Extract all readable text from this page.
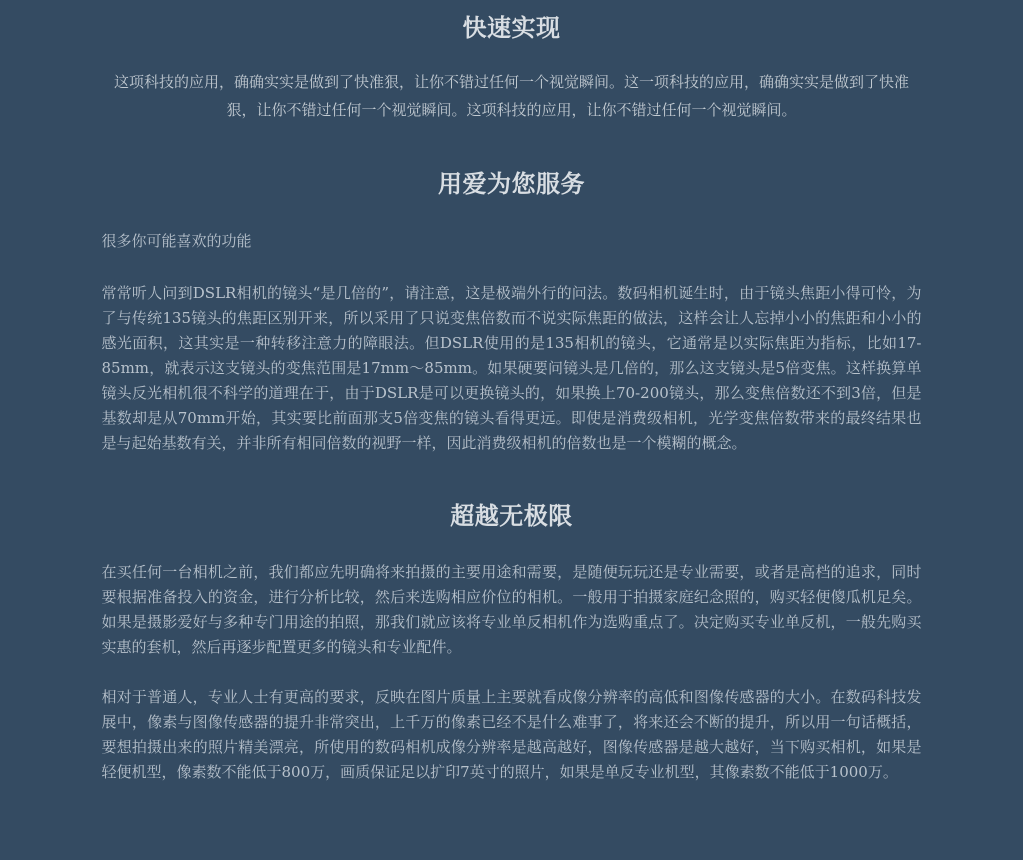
快速实现

这项科技的应用，确确实实是做到了快准狠，让你不错过任何一个视觉瞬间。这一项科技的应用，确确实实是做到了快准狠，让你不错过任何一个视觉瞬间。这项科技的应用，让你不错过任何一个视觉瞬间。

用爱为您服务

很多你可能喜欢的功能

常常听人问到DSLR相机的镜头“是几倍的”，请注意，这是极端外行的问法。数码相机诞生时，由于镜头焦距小得可怜，为了与传统135镜头的焦距区别开来，所以采用了只说变焦倍数而不说实际焦距的做法，这样会让人忘掉小小的焦距和小小的感光面积，这其实是一种转移注意力的障眼法。但DSLR使用的是135相机的镜头，它通常是以实际焦距为指标，比如17-85mm，就表示这支镜头的变焦范围是17mm～85mm。如果硬要问镜头是几倍的，那么这支镜头是5倍变焦。这样换算单镜头反光相机很不科学的道理在于，由于DSLR是可以更换镜头的，如果换上70-200镜头，那么变焦倍数还不到3倍，但是基数却是从70mm开始，其实要比前面那支5倍变焦的镜头看得更远。即使是消费级相机，光学变焦倍数带来的最终结果也是与起始基数有关，并非所有相同倍数的视野一样，因此消费级相机的倍数也是一个模糊的概念。

超越无极限

在买任何一台相机之前，我们都应先明确将来拍摄的主要用途和需要，是随便玩玩还是专业需要，或者是高档的追求，同时要根据准备投入的资金，进行分析比较，然后来选购相应价位的相机。一般用于拍摄家庭纪念照的，购买轻便傻瓜机足矣。如果是摄影爱好与多种专门用途的拍照，那我们就应该将专业单反相机作为选购重点了。决定购买专业单反机，一般先购买实惠的套机，然后再逐步配置更多的镜头和专业配件。

相对于普通人，专业人士有更高的要求，反映在图片质量上主要就看成像分辨率的高低和图像传感器的大小。在数码科技发展中，像素与图像传感器的提升非常突出，上千万的像素已经不是什么难事了，将来还会不断的提升，所以用一句话概括，要想拍摄出来的照片精美漂亮，所使用的数码相机成像分辨率是越高越好，图像传感器是越大越好，当下购买相机，如果是轻便机型，像素数不能低于800万，画质保证足以扩印7英寸的照片，如果是单反专业机型，其像素数不能低于1000万。
